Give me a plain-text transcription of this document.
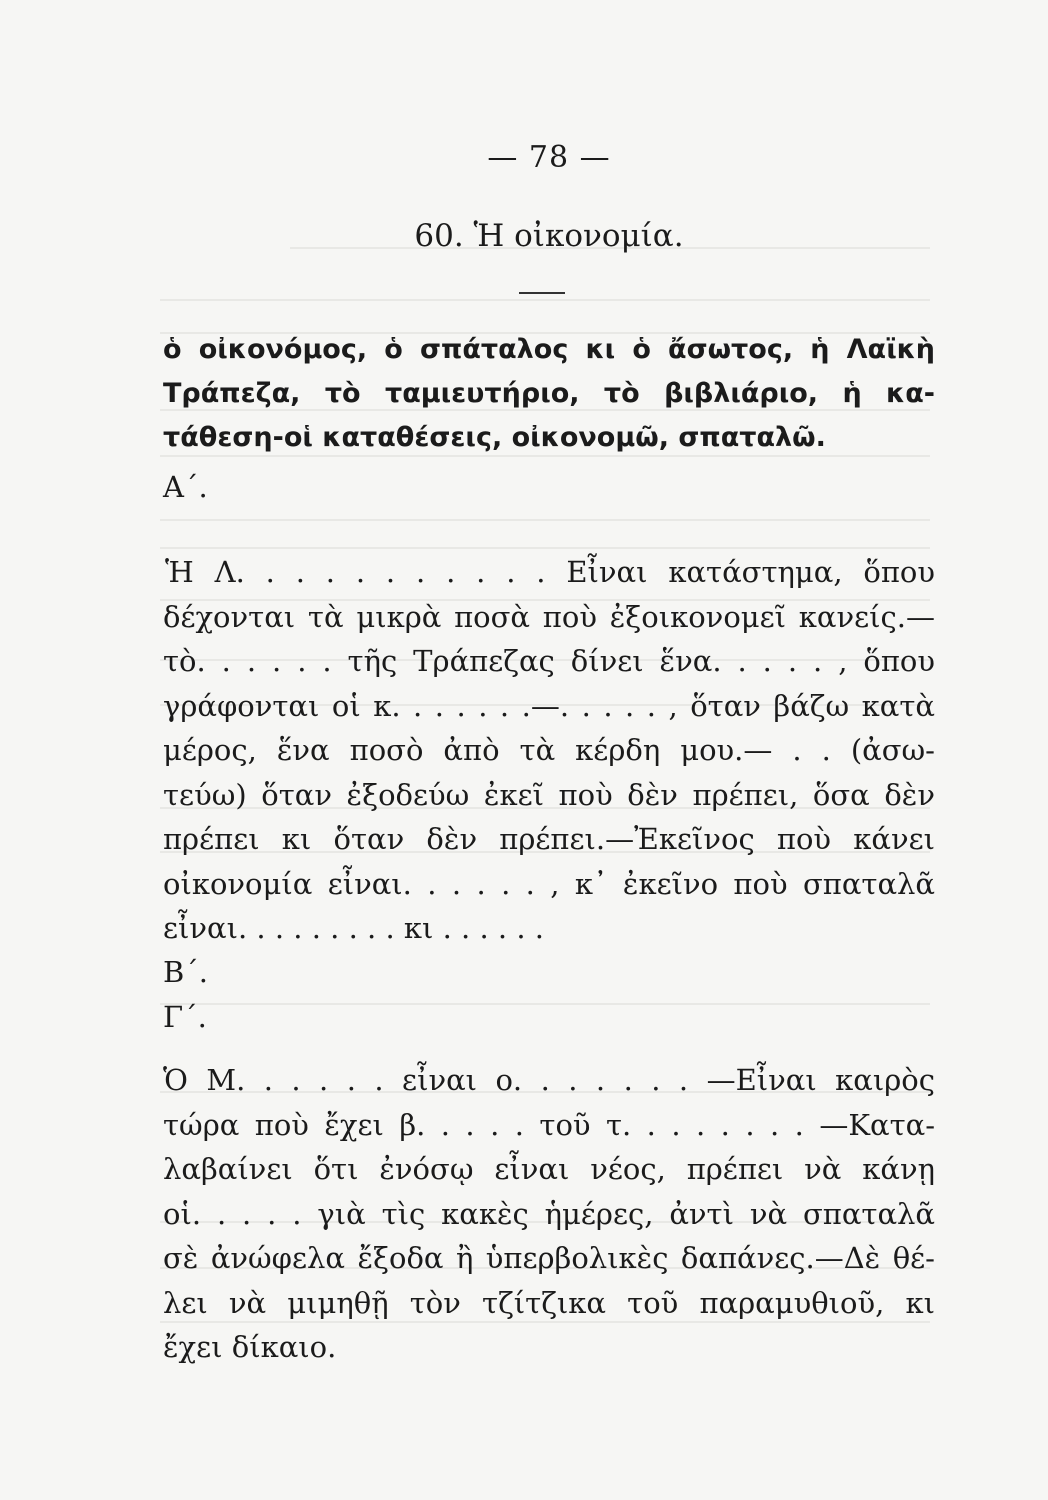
— 78 —
60. Ἡ οἰκονομία.
ὁ οἰκονόμος, ὁ σπάταλος κι ὁ ἄσωτος, ἡ Λαϊκὴ
Τράπεζα, τὸ ταμιευτήριο, τὸ βιβλιάριο, ἡ κα-
τάθεση-οἱ καταθέσεις, οἰκονομῶ, σπαταλῶ.
Α΄.
Ἡ Λ. . . . . . . . . . . Εἶναι κατάστημα, ὅπου
δέχονται τὰ μικρὰ ποσὰ ποὺ ἐξοικονομεῖ κανείς.—
τὸ. . . . . . τῆς Τράπεζας δίνει ἕνα. . . . . , ὅπου
γράφονται οἱ κ. . . . . . .—. . . . . , ὅταν βάζω κατὰ
μέρος, ἕνα ποσὸ ἀπὸ τὰ κέρδη μου.— . . (ἀσω-
τεύω) ὅταν ἐξοδεύω ἐκεῖ ποὺ δὲν πρέπει, ὅσα δὲν
πρέπει κι ὅταν δὲν πρέπει.—Ἐκεῖνος ποὺ κάνει
οἰκονομία εἶναι. . . . . . , κ᾿ ἐκεῖνο ποὺ σπαταλᾶ
εἶναι. . . . . . . . . κι . . . . . .
Β΄.
Γ΄.
Ὁ Μ. . . . . . εἶναι ο. . . . . . . —Εἶναι καιρὸς
τώρα ποὺ ἔχει β. . . . . τοῦ τ. . . . . . . . —Κατα-
λαβαίνει ὅτι ἐνόσῳ εἶναι νέος, πρέπει νὰ κάνῃ
οἱ. . . . . γιὰ τὶς κακὲς ἡμέρες, ἀντὶ νὰ σπαταλᾶ
σὲ ἀνώφελα ἔξοδα ἢ ὑπερβολικὲς δαπάνες.—Δὲ θέ-
λει νὰ μιμηθῇ τὸν τζίτζικα τοῦ παραμυθιοῦ, κι
ἔχει δίκαιο.
